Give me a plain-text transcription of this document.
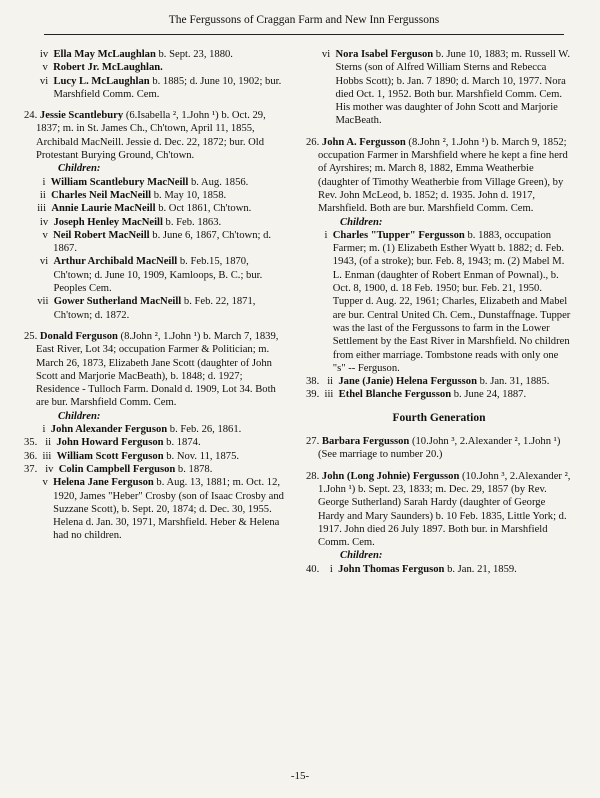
The Fergussons of Craggan Farm and New Inn Fergussons
iv Ella May McLaughlan b. Sept. 23, 1880.
v Robert Jr. McLaughlan.
vi Lucy L. McLaughlan b. 1885; d. June 10, 1902; bur. Marshfield Comm. Cem.
24. Jessie Scantlebury (6.Isabella ², 1.John ¹) b. Oct. 29, 1837; m. in St. James Ch., Ch'town, April 11, 1855, Archibald MacNeill. Jessie d. Dec. 22, 1872; bur. Old Protestant Burying Ground, Ch'town.
Children:
i William Scantlebury MacNeill b. Aug. 1856.
ii Charles Neil MacNeill b. May 10, 1858.
iii Annie Laurie MacNeill b. Oct 1861, Ch'town.
iv Joseph Henley MacNeill b. Feb. 1863.
v Neil Robert MacNeill b. June 6, 1867, Ch'town; d. 1867.
vi Arthur Archibald MacNeill b. Feb.15, 1870, Ch'town; d. June 10, 1909, Kamloops, B. C.; bur. Peoples Cem.
vii Gower Sutherland MacNeill b. Feb. 22, 1871, Ch'town; d. 1872.
25. Donald Ferguson (8.John ², 1.John ¹) b. March 7, 1839, East River, Lot 34; occupation Farmer & Politician; m. March 26, 1873, Elizabeth Jane Scott (daughter of John Scott and Marjorie MacBeath), b. 1848; d. 1927; Residence - Tulloch Farm. Donald d. 1909, Lot 34. Both are bur. Marshfield Comm. Cem.
Children:
i John Alexander Ferguson b. Feb. 26, 1861.
35.   ii John Howard Ferguson b. 1874.
36.  iii William Scott Ferguson b. Nov. 11, 1875.
37.   iv Colin Campbell Ferguson b. 1878.
v Helena Jane Ferguson b. Aug. 13, 1881; m. Oct. 12, 1920, James "Heber" Crosby (son of Isaac Crosby and Suzzane Scott), b. Sept. 20, 1874; d. Dec. 30, 1955. Helena d. Jan. 30, 1971, Marshfield. Heber & Helena had no children.
vi Nora Isabel Ferguson b. June 10, 1883; m. Russell W. Sterns (son of Alfred William Sterns and Rebecca Hobbs Scott); b. Jan. 7 1890; d. March 10, 1977. Nora died Oct. 1, 1952. Both bur. Marshfield Comm. Cem. His mother was daughter of John Scott and Marjorie MacBeath.
26. John A. Fergusson (8.John ², 1.John ¹) b. March 9, 1852; occupation Farmer in Marshfield where he kept a fine herd of Ayrshires; m. March 8, 1882, Emma Weatherbie (daughter of Timothy Weatherbie from Village Green), by Rev. John McLeod, b. 1852; d. 1935. John d. 1917, Marshfield. Both are bur. Marshfield Comm. Cem.
Children:
i Charles "Tupper" Fergusson b. 1883, occupation Farmer; m. (1) Elizabeth Esther Wyatt b. 1882; d. Feb. 1943, (of a stroke); bur. Feb. 8, 1943; m. (2) Mabel M. L. Enman (daughter of Robert Enman of Pownal)., b. Oct. 8, 1900, d. 18 Feb. 1950; bur. Feb. 21, 1950. Tupper d. Aug. 22, 1961; Charles, Elizabeth and Mabel are bur. Central United Ch. Cem., Dunstaffnage. Tupper was the last of the Fergussons to farm in the Lower Settlement by the East River in Marshfield. No children from either marriage. Tombstone reads with only one "s" -- Ferguson.
38.   ii Jane (Janie) Helena Fergusson b. Jan. 31, 1885.
39.  iii Ethel Blanche Fergusson b. June 24, 1887.
Fourth Generation
27. Barbara Fergusson (10.John ³, 2.Alexander ², 1.John ¹) (See marriage to number 20.)
28. John (Long Johnie) Fergusson (10.John ³, 2.Alexander ², 1.John ¹) b. Sept. 23, 1833; m. Dec. 29, 1857 (by Rev. George Sutherland) Sarah Hardy (daughter of George Hardy and Mary Saunders) b. 10 Feb. 1835, Little York; d. 1917. John died 26 July 1897. Both bur. in Marshfield Comm. Cem.
Children:
40.    i John Thomas Ferguson b. Jan. 21, 1859.
-15-
